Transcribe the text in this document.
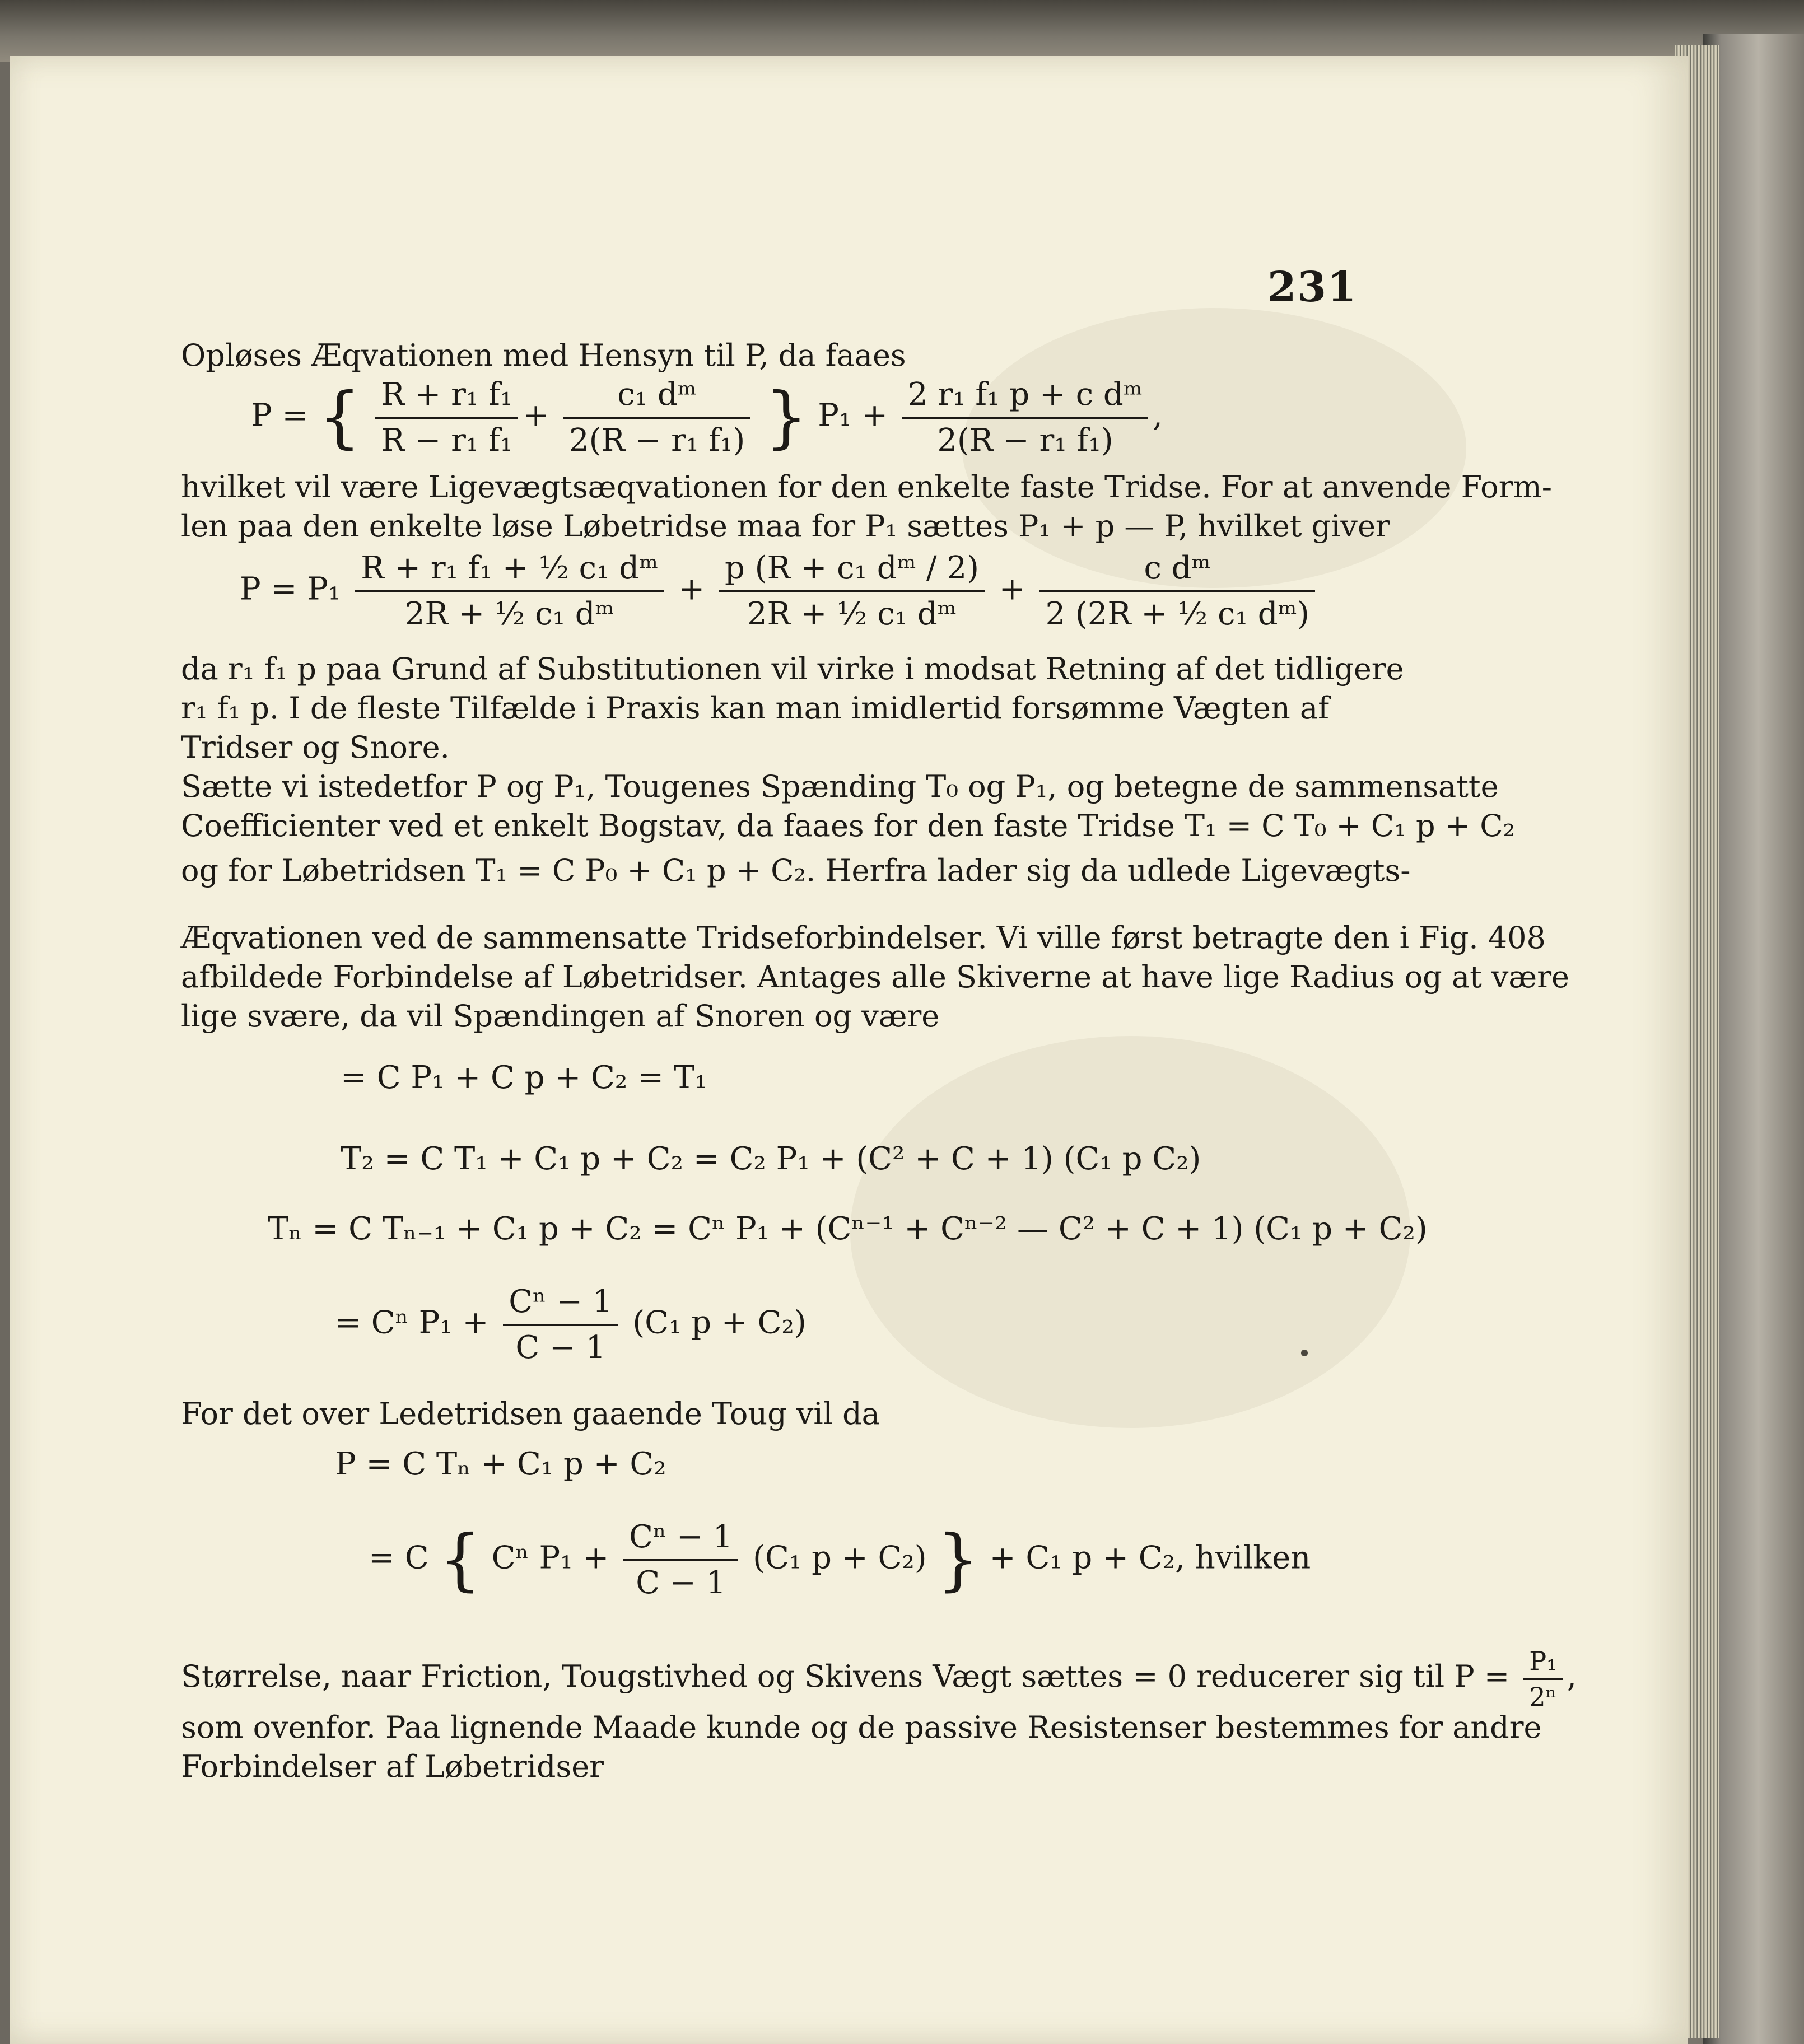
231
Opløses Æqvationen med Hensyn til P, da faaes
P = { $\frac{\text{R + r₁ f₁}}{\text{R − r₁ f₁}} + \frac{\text{c₁ dᵐ}}{\text{2(R − r₁ f₁)}}$ } $P_1 + \frac{\text{2 r₁ f₁ p + c dᵐ}}{\text{2(R − r₁ f₁)}}$ ,
hvilket vil være Ligevægtsæqvationen for den enkelte faste Tridse. For at anvende Form-
len paa den enkelte løse Løbetridse maa for P₁ sættes P₁ + p — P, hvilket giver
$P = P_1 \frac{\text{R + r₁ f₁ + ½ c₁ dᵐ}}{\text{2R + ½ c₁ dᵐ}} + \frac{\text{p (R + c₁ dᵐ / 2)}}{\text{2R + ½ c₁ dᵐ}} + \frac{\text{c dᵐ}}{\text{2 (2R + ½ c₁ dᵐ)}}$
da r₁ f₁ p paa Grund af Substitutionen vil virke i modsat Retning af det tidligere
r₁ f₁ p. I de fleste Tilfælde i Praxis kan man imidlertid forsømme Vægten af
Tridser og Snore.
Sætte vi istedetfor P og P₁, Tougenes Spænding T₀ og P₁, og betegne de sammensatte
Coefficienter ved et enkelt Bogstav, da faaes for den faste Tridse T₁ = C T₀ + C₁ p + C₂
og for Løbetridsen T₁ = C P₀ + C₁ p + C₂. Herfra lader sig da udlede Ligevægts-
Æqvationen ved de sammensatte Tridseforbindelser. Vi ville først betragte den i Fig. 408
afbildede Forbindelse af Løbetridser. Antages alle Skiverne at have lige Radius og at være
lige svære, da vil Spændingen af Snoren og være
= C P₁ + C p + C₂ = T₁
T₂ = C T₁ + C₁ p + C₂ = C₂ P₁ + (C² + C + 1) (C₁ p C₂)
Tₙ = C Tₙ₋₁ + C₁ p + C₂ = Cⁿ P₁ + (Cⁿ⁻¹ + Cⁿ⁻² — C² + C + 1) (C₁ p + C₂)
= Cⁿ $P_1 + \frac{\text{Cⁿ − 1}}{C - 1} (C_1$ p + C₂)
For det over Ledetridsen gaaende Toug vil da
P = C Tₙ + C₁ p + C₂
= C { Cⁿ $P_1 + \frac{\text{Cⁿ − 1}}{C - 1} (C_1$ p + C₂) } + C₁ p + C₂, hvilken
Størrelse, naar Friction, Tougstivhed og Skivens Vægt sættes = 0 reducerer sig til $P = \frac{\text{P₁}}{\text{2ⁿ}}$ ,
som ovenfor. Paa lignende Maade kunde og de passive Resistenser bestemmes for andre
Forbindelser af Løbetridser
